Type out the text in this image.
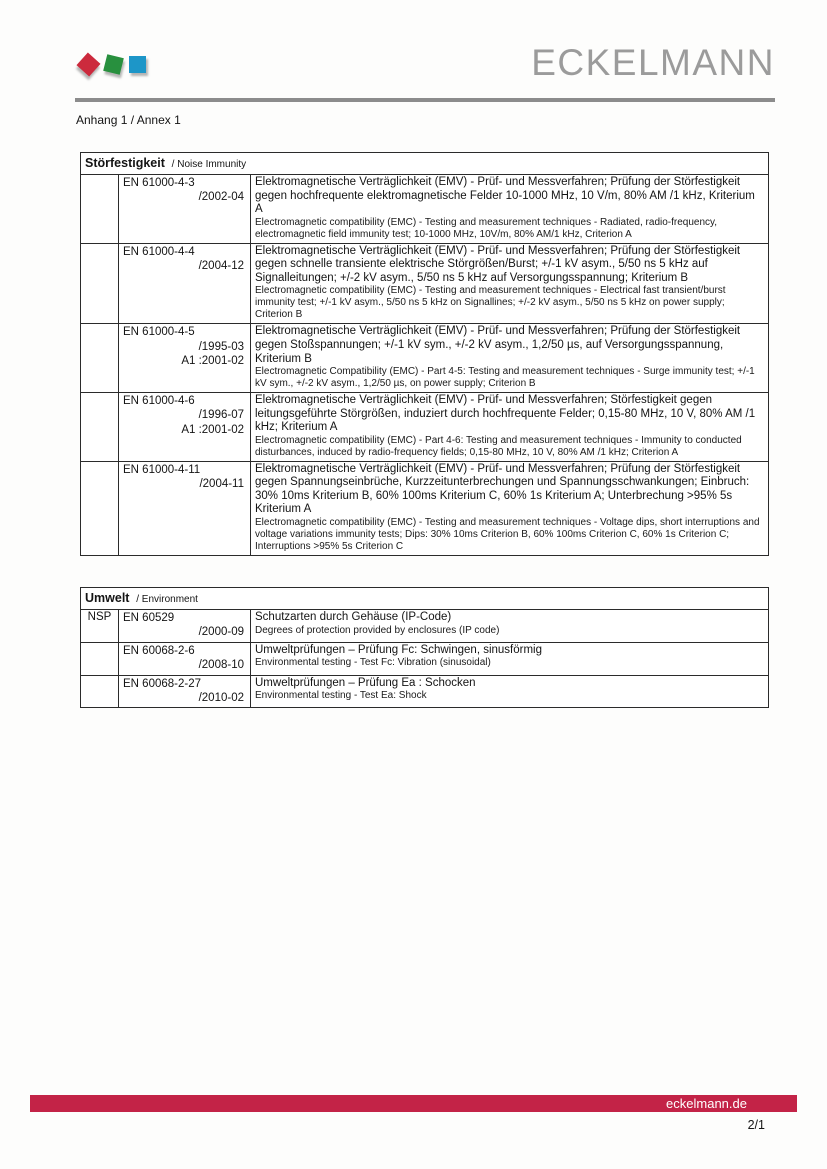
ECKELMANN
Anhang 1 / Annex 1
Störfestigkeit / Noise Immunity		

EN 61000-4-3
/2002-04

Elektromagnetische Verträglichkeit (EMV) - Prüf- und Messverfahren; Prüfung der Störfestigkeit gegen hochfrequente elektromagnetische Felder 10-1000 MHz, 10 V/m, 80% AM /1 kHz, Kriterium A
Electromagnetic compatibility (EMC) - Testing and measurement techniques - Radiated, radio-frequency, electromagnetic field immunity test; 10-1000 MHz, 10V/m, 80% AM/1 kHz, Criterion A

EN 61000-4-4
/2004-12

Elektromagnetische Verträglichkeit (EMV) - Prüf- und Messverfahren; Prüfung der Störfestigkeit gegen schnelle transiente elektrische Störgrößen/Burst; +/-1 kV asym., 5/50 ns 5 kHz auf Signalleitungen; +/-2 kV asym., 5/50 ns 5 kHz auf Versorgungsspannung; Kriterium B
Electromagnetic compatibility (EMC) - Testing and measurement techniques - Electrical fast transient/burst immunity test; +/-1 kV asym., 5/50 ns 5 kHz on Signallines; +/-2 kV asym., 5/50 ns 5 kHz on power supply; Criterion B

EN 61000-4-5
/1995-03
A1 :2001-02

Elektromagnetische Verträglichkeit (EMV) - Prüf- und Messverfahren; Prüfung der Störfestigkeit gegen Stoßspannungen; +/-1 kV sym., +/-2 kV asym., 1,2/50 µs, auf Versorgungsspannung, Kriterium B
Electromagnetic Compatibility (EMC) - Part 4-5: Testing and measurement techniques - Surge immunity test; +/-1 kV sym., +/-2 kV asym., 1,2/50 µs, on power supply; Criterion B

EN 61000-4-6
/1996-07
A1 :2001-02

Elektromagnetische Verträglichkeit (EMV) - Prüf- und Messverfahren; Störfestigkeit gegen leitungsgeführte Störgrößen, induziert durch hochfrequente Felder; 0,15-80 MHz, 10 V, 80% AM /1 kHz; Kriterium A
Electromagnetic compatibility (EMC) - Part 4-6: Testing and measurement techniques - Immunity to conducted disturbances, induced by radio-frequency fields; 0,15-80 MHz, 10 V, 80% AM /1 kHz; Criterion A

EN 61000-4-11
/2004-11

Elektromagnetische Verträglichkeit (EMV) - Prüf- und Messverfahren; Prüfung der Störfestigkeit gegen Spannungseinbrüche, Kurzzeitunterbrechungen und Spannungsschwankungen; Einbruch: 30% 10ms Kriterium B, 60% 100ms Kriterium C, 60% 1s Kriterium A; Unterbrechung >95% 5s Kriterium A
Electromagnetic compatibility (EMC) - Testing and measurement techniques - Voltage dips, short interruptions and voltage variations immunity tests; Dips: 30% 10ms Criterion B, 60% 100ms Criterion C, 60% 1s Criterion C; Interruptions >95% 5s Criterion C
Umwelt / Environment		
NSP	EN 60529
/2000-09

Schutzarten durch Gehäuse (IP-Code)
Degrees of protection provided by enclosures (IP code)

EN 60068-2-6
/2008-10

Umweltprüfungen – Prüfung Fc: Schwingen, sinusförmig
Environmental testing - Test Fc: Vibration (sinusoidal)

EN 60068-2-27
/2010-02

Umweltprüfungen – Prüfung Ea : Schocken
Environmental testing - Test Ea: Shock
eckelmann.de
2/1
